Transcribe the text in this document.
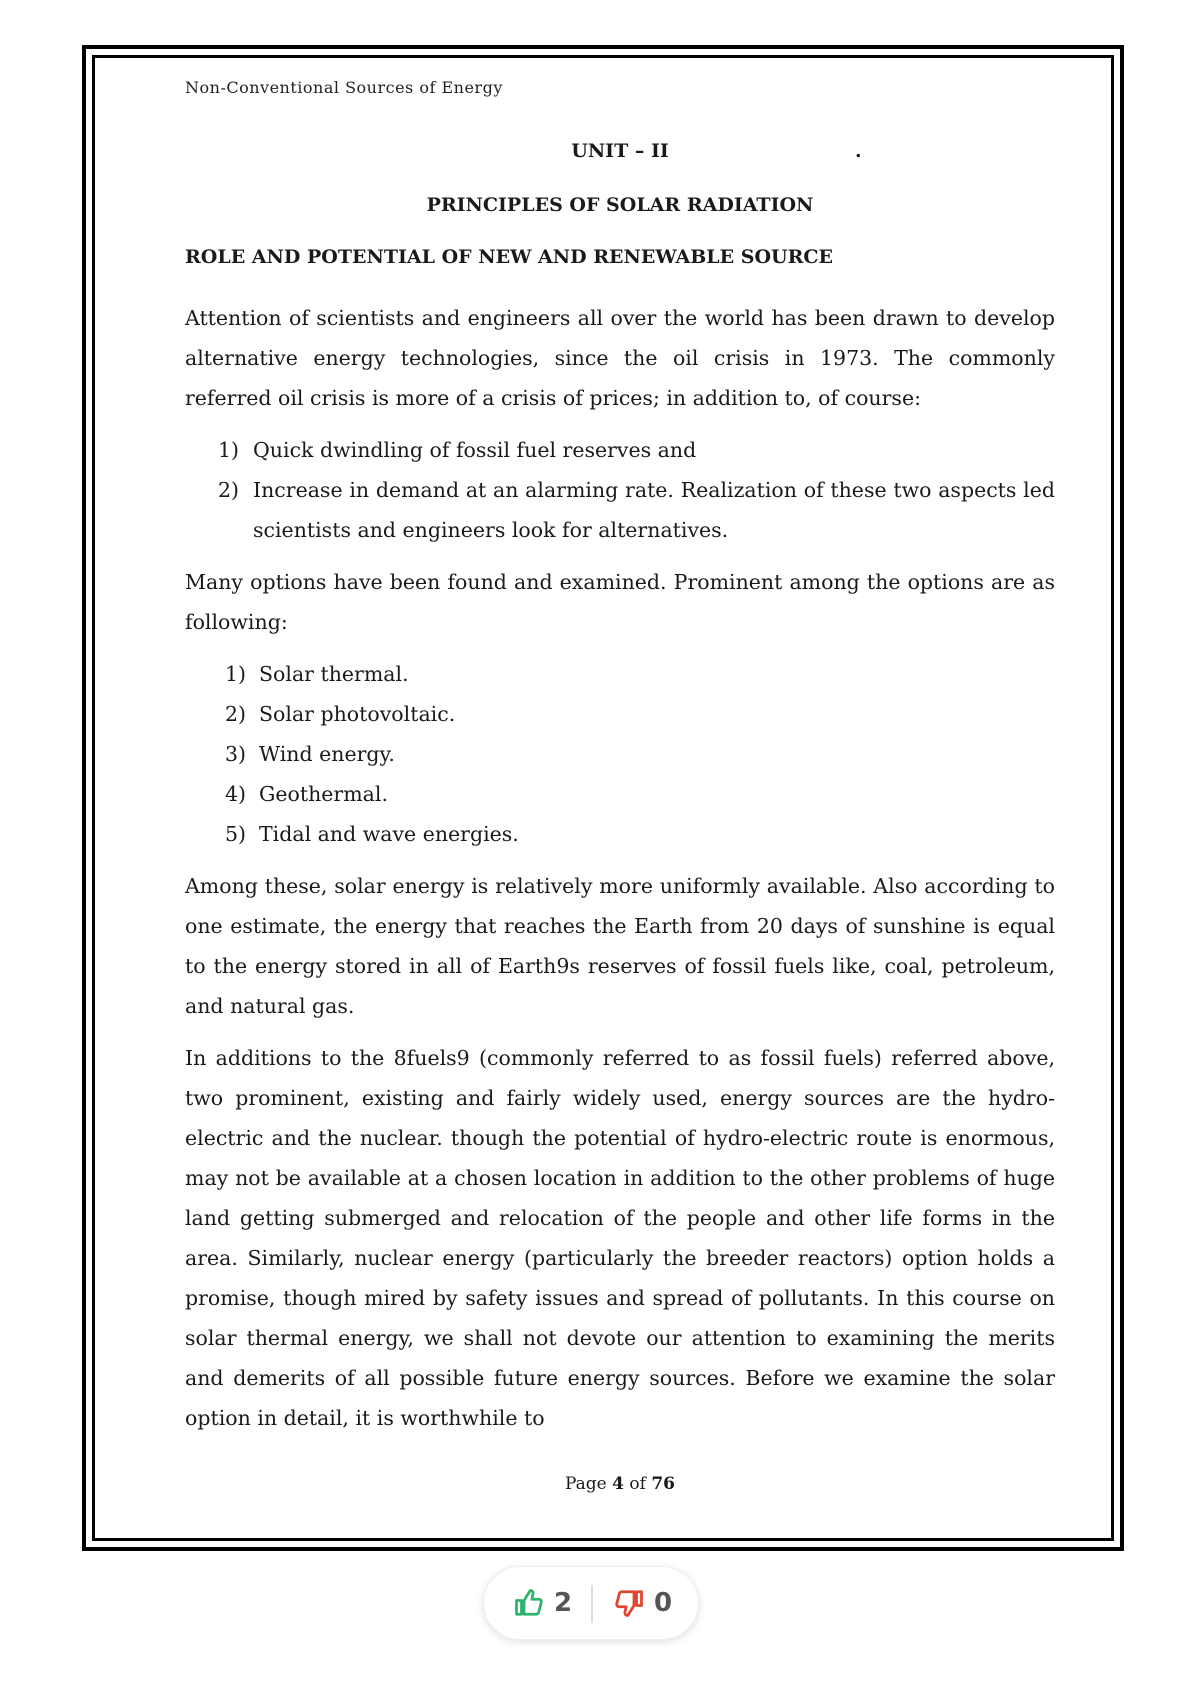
Non-Conventional Sources of Energy
UNIT – II	.
PRINCIPLES OF SOLAR RADIATION
ROLE AND POTENTIAL OF NEW AND RENEWABLE SOURCE

Attention of scientists and engineers all over the world has been drawn to develop alternative energy technologies, since the oil crisis in 1973. The commonly referred oil crisis is more of a crisis of prices; in addition to, of course:

1) Quick dwindling of fossil fuel reserves and
2) Increase in demand at an alarming rate. Realization of these two aspects led scientists and engineers look for alternatives.

Many options have been found and examined. Prominent among the options are as following:

1) Solar thermal.
2) Solar photovoltaic.
3) Wind energy.
4) Geothermal.
5) Tidal and wave energies.

Among these, solar energy is relatively more uniformly available. Also according to one estimate, the energy that reaches the Earth from 20 days of sunshine is equal to the energy stored in all of Earth9s reserves of fossil fuels like, coal, petroleum, and natural gas.

In additions to the 8fuels9 (commonly referred to as fossil fuels) referred above, two prominent, existing and fairly widely used, energy sources are the hydro-electric and the nuclear. though the potential of hydro-electric route is enormous, may not be available at a chosen location in addition to the other problems of huge land getting submerged and relocation of the people and other life forms in the area. Similarly, nuclear energy (particularly the breeder reactors) option holds a promise, though mired by safety issues and spread of pollutants. In this course on solar thermal energy, we shall not devote our attention to examining the merits and demerits of all possible future energy sources. Before we examine the solar option in detail, it is worthwhile to

Page 4 of 76
2	0
